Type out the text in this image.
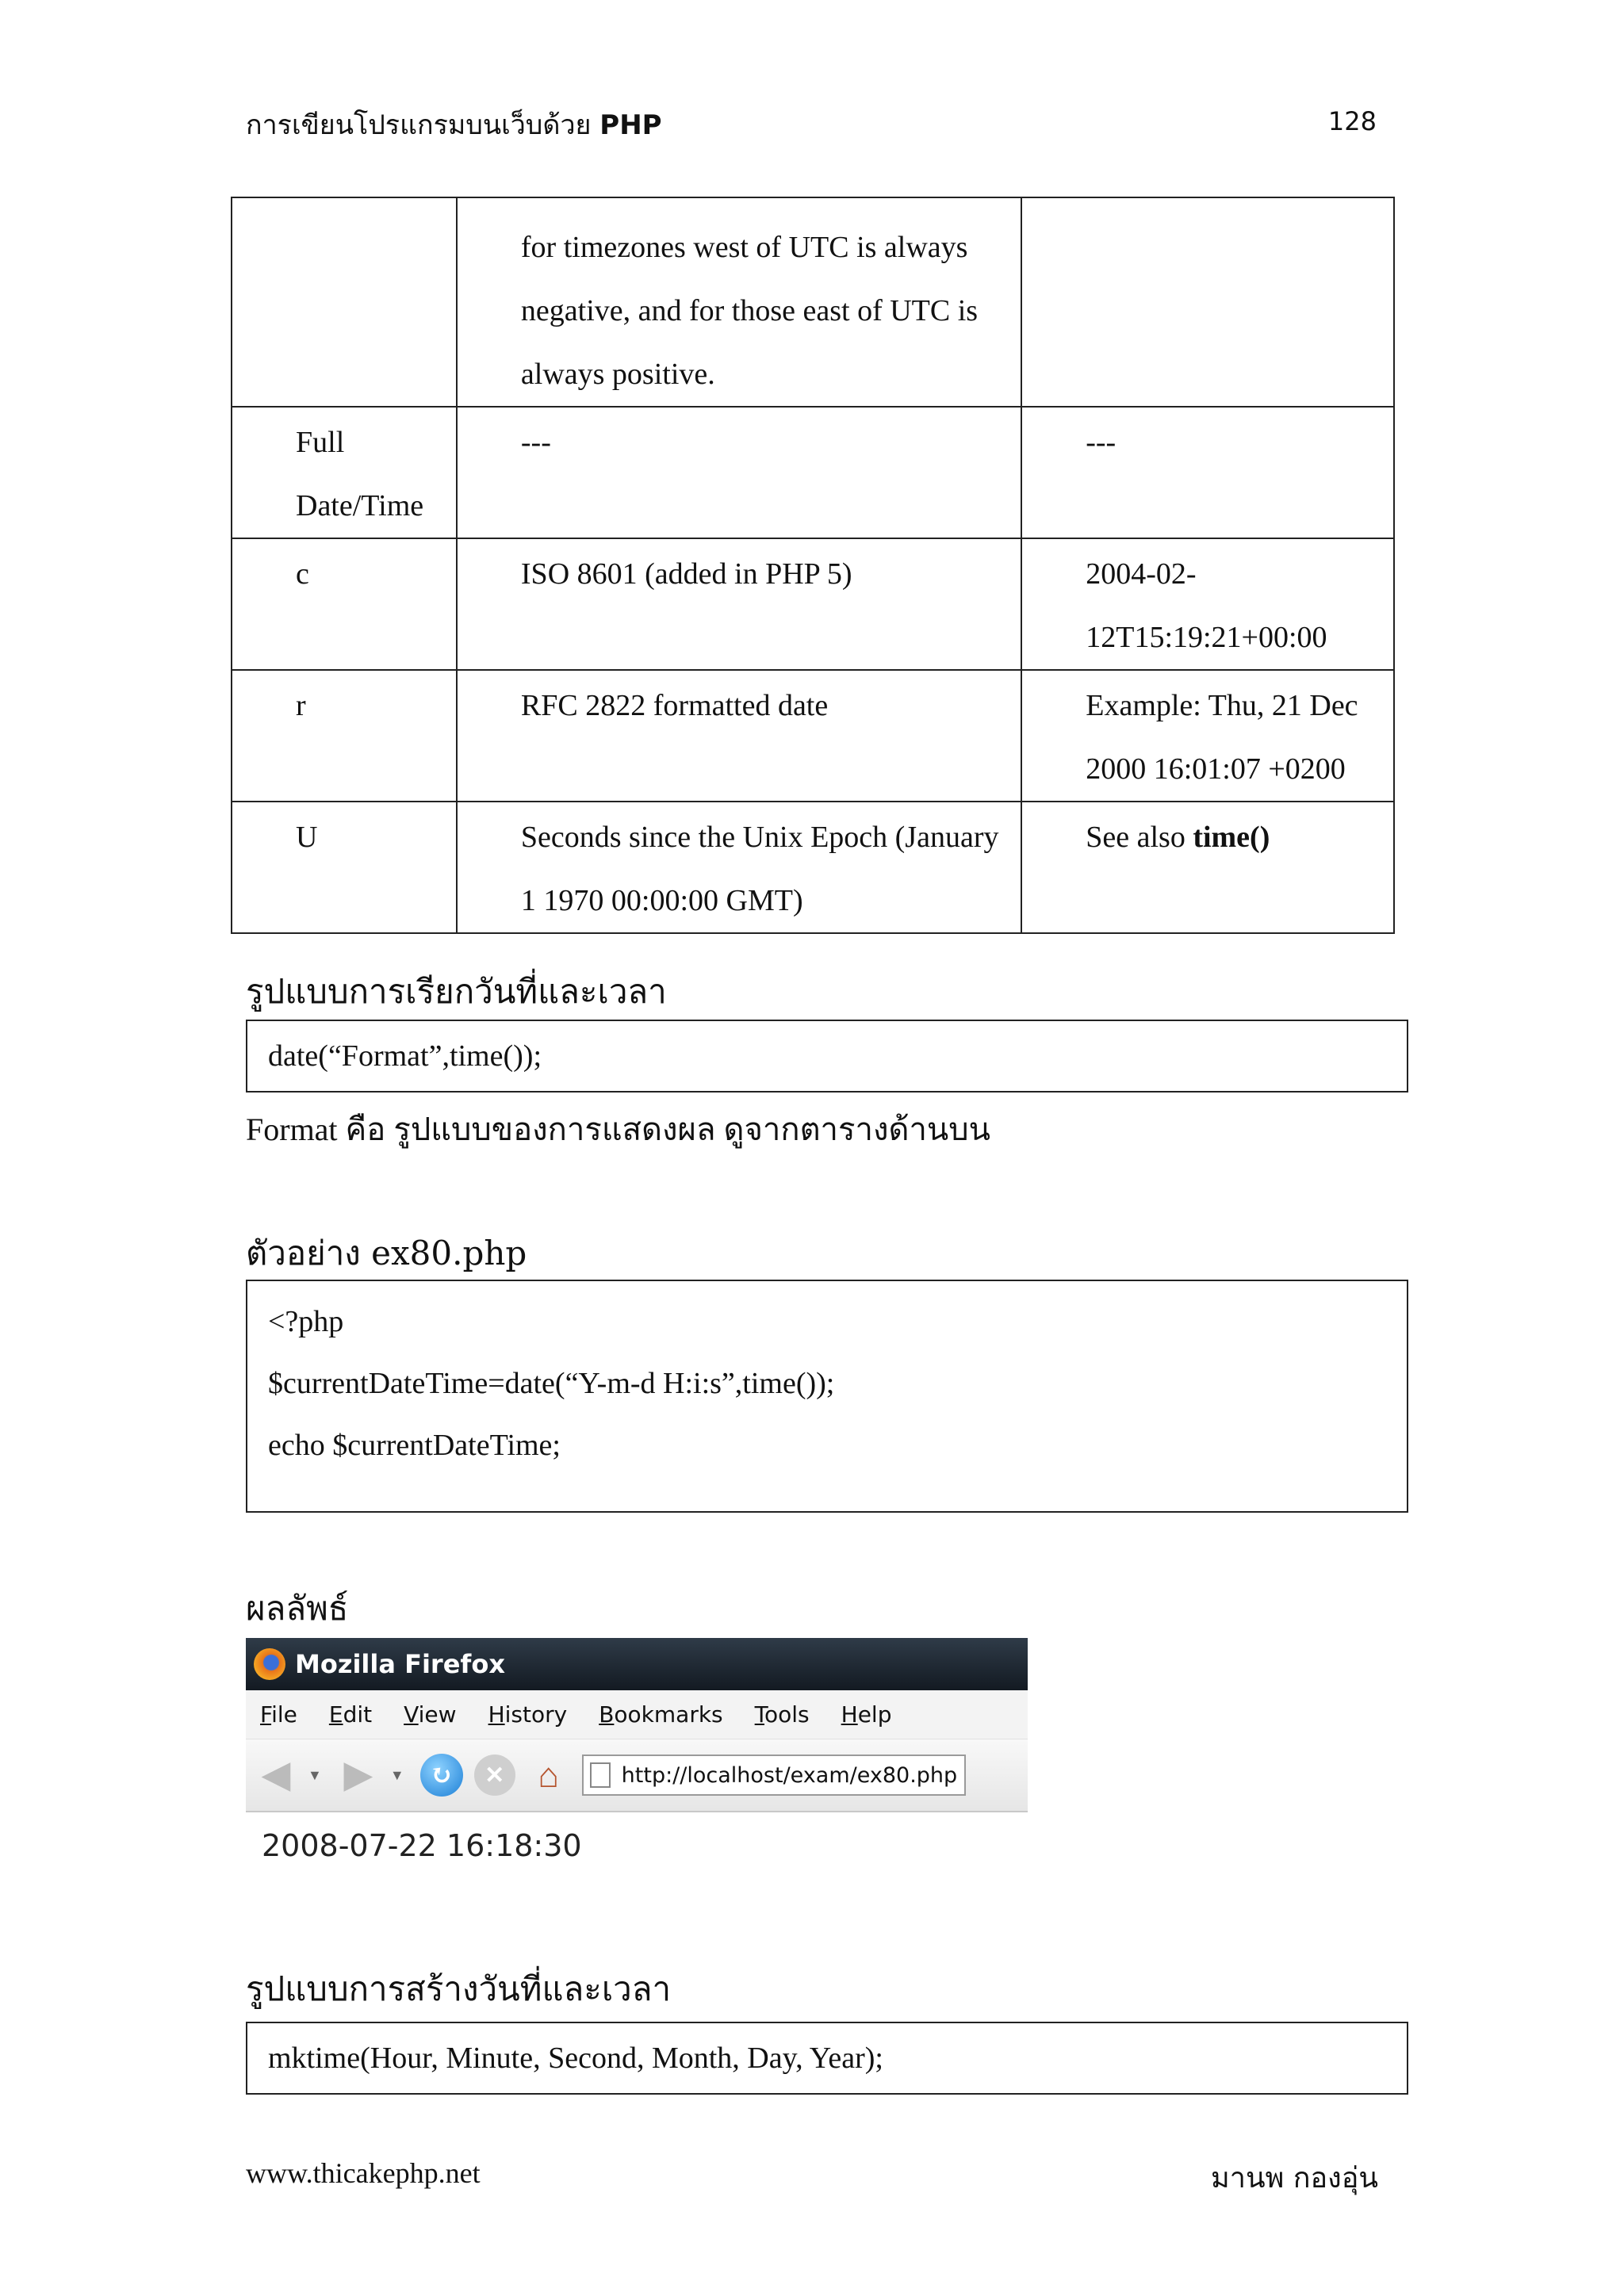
การเขียนโปรแกรมบนเว็บด้วย PHP	128

	for timezones west of UTC is always
negative, and for those east of UTC is
always positive.	

Full
Date/Time	---	---
c	ISO 8601 (added in PHP 5)	2004-02-
12T15:19:21+00:00

r	RFC 2822 formatted date	Example: Thu, 21 Dec
2000 16:01:07 +0200

U	Seconds since the Unix Epoch (January
1 1970 00:00:00 GMT)	See also time()
รูปแบบการเรียกวันที่และเวลา
date(“Format”,time());
Format คือ รูปแบบของการแสดงผล ดูจากตารางด้านบน
ตัวอย่าง ex80.php
<?php
$currentDateTime=date(“Y-m-d H:i:s”,time());
echo $currentDateTime;
ผลลัพธ์
Mozilla Firefox
File Edit View History Bookmarks Tools Help
◀	▼ ▶	▼ ↻	✕ ⌂	http://localhost/exam/ex80.php
2008-07-22 16:18:30
รูปแบบการสร้างวันที่และเวลา
mktime(Hour, Minute, Second, Month, Day, Year);
www.thicakephp.net	มานพ กองอุ่น
